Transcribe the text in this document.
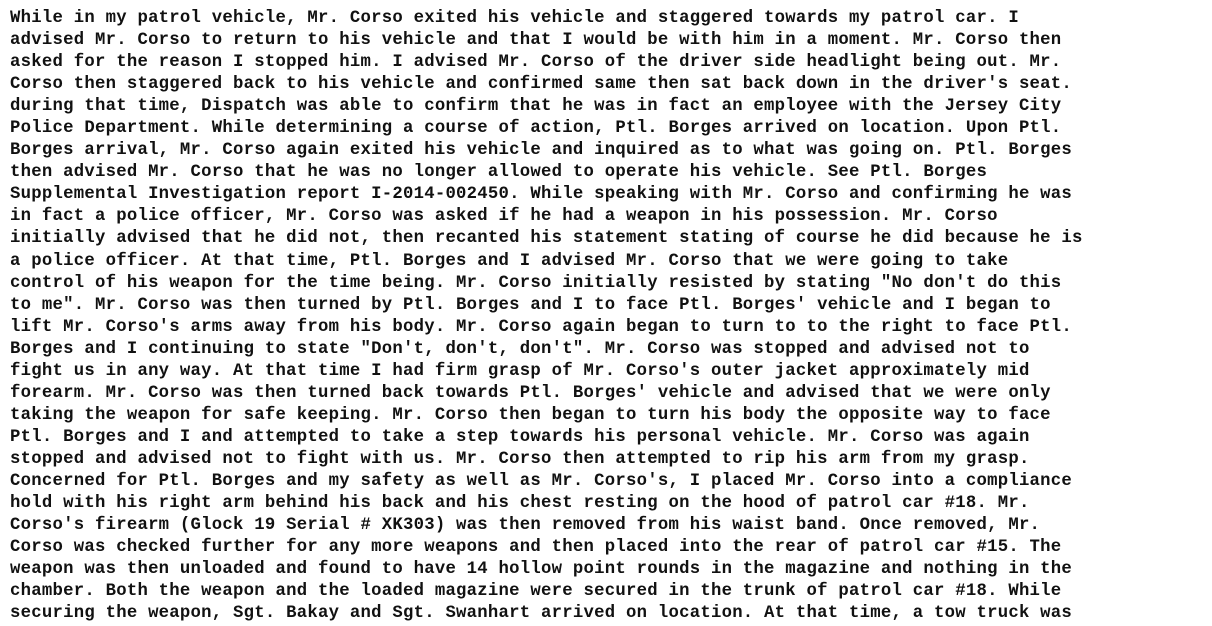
While in my patrol vehicle, Mr. Corso exited his vehicle and staggered towards my patrol car. I
advised Mr. Corso to return to his vehicle and that I would be with him in a moment. Mr. Corso then
asked for the reason I stopped him. I advised Mr. Corso of the driver side headlight being out. Mr.
Corso then staggered back to his vehicle and confirmed same then sat back down in the driver's seat.
during that time, Dispatch was able to confirm that he was in fact an employee with the Jersey City
Police Department. While determining a course of action, Ptl. Borges arrived on location. Upon Ptl.
Borges arrival, Mr. Corso again exited his vehicle and inquired as to what was going on. Ptl. Borges
then advised Mr. Corso that he was no longer allowed to operate his vehicle. See Ptl. Borges
Supplemental Investigation report I-2014-002450. While speaking with Mr. Corso and confirming he was
in fact a police officer, Mr. Corso was asked if he had a weapon in his possession. Mr. Corso
initially advised that he did not, then recanted his statement stating of course he did because he is
a police officer. At that time, Ptl. Borges and I advised Mr. Corso that we were going to take
control of his weapon for the time being. Mr. Corso initially resisted by stating "No don't do this
to me". Mr. Corso was then turned by Ptl. Borges and I to face Ptl. Borges' vehicle and I began to
lift Mr. Corso's arms away from his body. Mr. Corso again began to turn to to the right to face Ptl.
Borges and I continuing to state "Don't, don't, don't". Mr. Corso was stopped and advised not to
fight us in any way. At that time I had firm grasp of Mr. Corso's outer jacket approximately mid
forearm. Mr. Corso was then turned back towards Ptl. Borges' vehicle and advised that we were only
taking the weapon for safe keeping. Mr. Corso then began to turn his body the opposite way to face
Ptl. Borges and I and attempted to take a step towards his personal vehicle. Mr. Corso was again
stopped and advised not to fight with us. Mr. Corso then attempted to rip his arm from my grasp.
Concerned for Ptl. Borges and my safety as well as Mr. Corso's, I placed Mr. Corso into a compliance
hold with his right arm behind his back and his chest resting on the hood of patrol car #18. Mr.
Corso's firearm (Glock 19 Serial # XK303) was then removed from his waist band. Once removed, Mr.
Corso was checked further for any more weapons and then placed into the rear of patrol car #15. The
weapon was then unloaded and found to have 14 hollow point rounds in the magazine and nothing in the
chamber. Both the weapon and the loaded magazine were secured in the trunk of patrol car #18. While
securing the weapon, Sgt. Bakay and Sgt. Swanhart arrived on location. At that time, a tow truck was
